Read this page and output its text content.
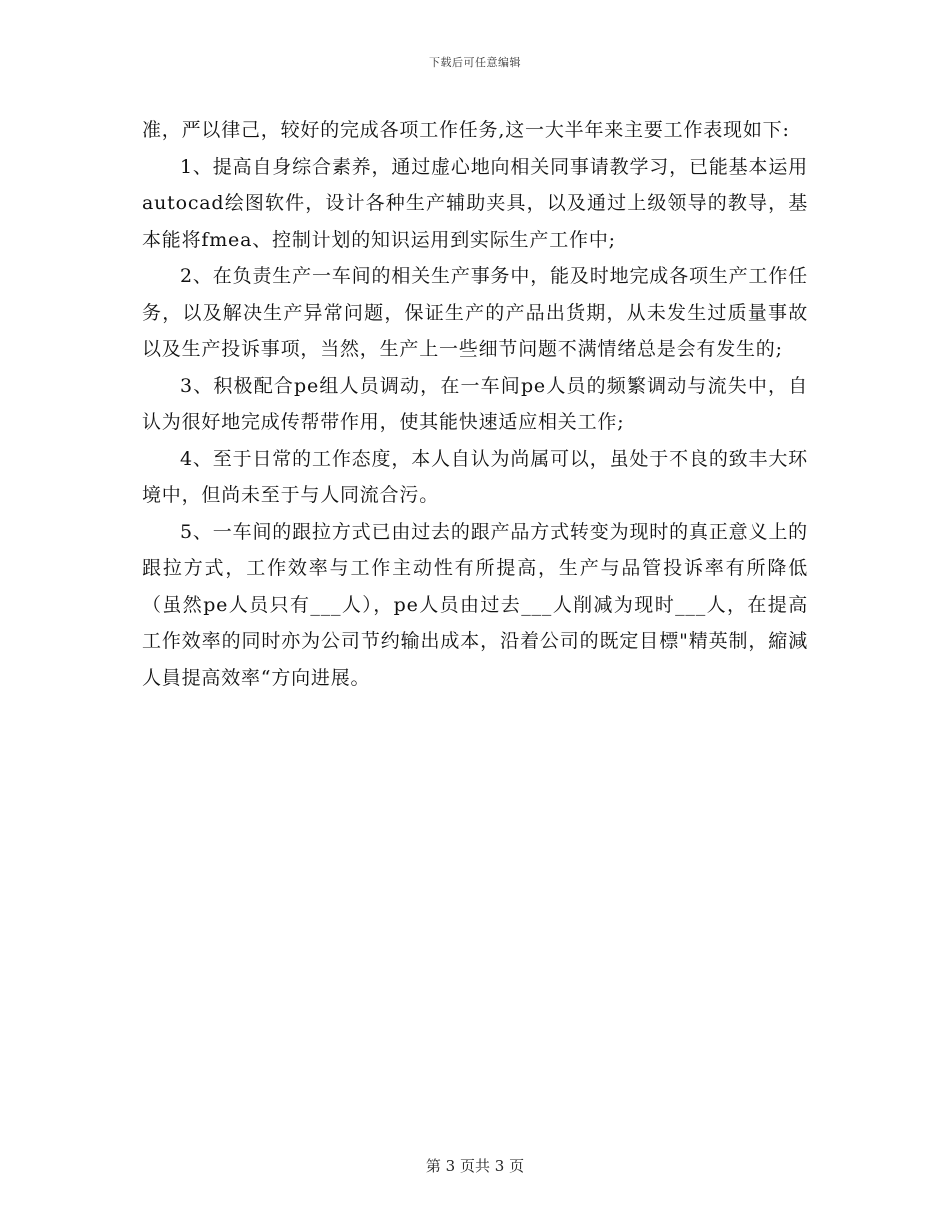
下载后可任意编辑

准，严以律己，较好的完成各项工作任务,这一大半年来主要工作表现如下:

1、提高自身综合素养，通过虚心地向相关同事请教学习，已能基本运用autocad绘图软件，设计各种生产辅助夹具，以及通过上级领导的教导，基本能将fmea、控制计划的知识运用到实际生产工作中;

2、在负责生产一车间的相关生产事务中，能及时地完成各项生产工作任务，以及解决生产异常问题，保证生产的产品出货期，从未发生过质量事故以及生产投诉事项，当然，生产上一些细节问题不满情绪总是会有发生的;

3、积极配合pe组人员调动，在一车间pe人员的频繁调动与流失中，自认为很好地完成传帮带作用，使其能快速适应相关工作;

4、至于日常的工作态度，本人自认为尚属可以，虽处于不良的致丰大环境中，但尚未至于与人同流合污。

5、一车间的跟拉方式已由过去的跟产品方式转变为现时的真正意义上的跟拉方式，工作效率与工作主动性有所提高，生产与品管投诉率有所降低（虽然pe人员只有___人），pe人员由过去___人削减为现时___人，在提高工作效率的同时亦为公司节约输出成本，沿着公司的既定目標"精英制，縮減人員提高效率“方向进展。

第 3 页共 3 页
